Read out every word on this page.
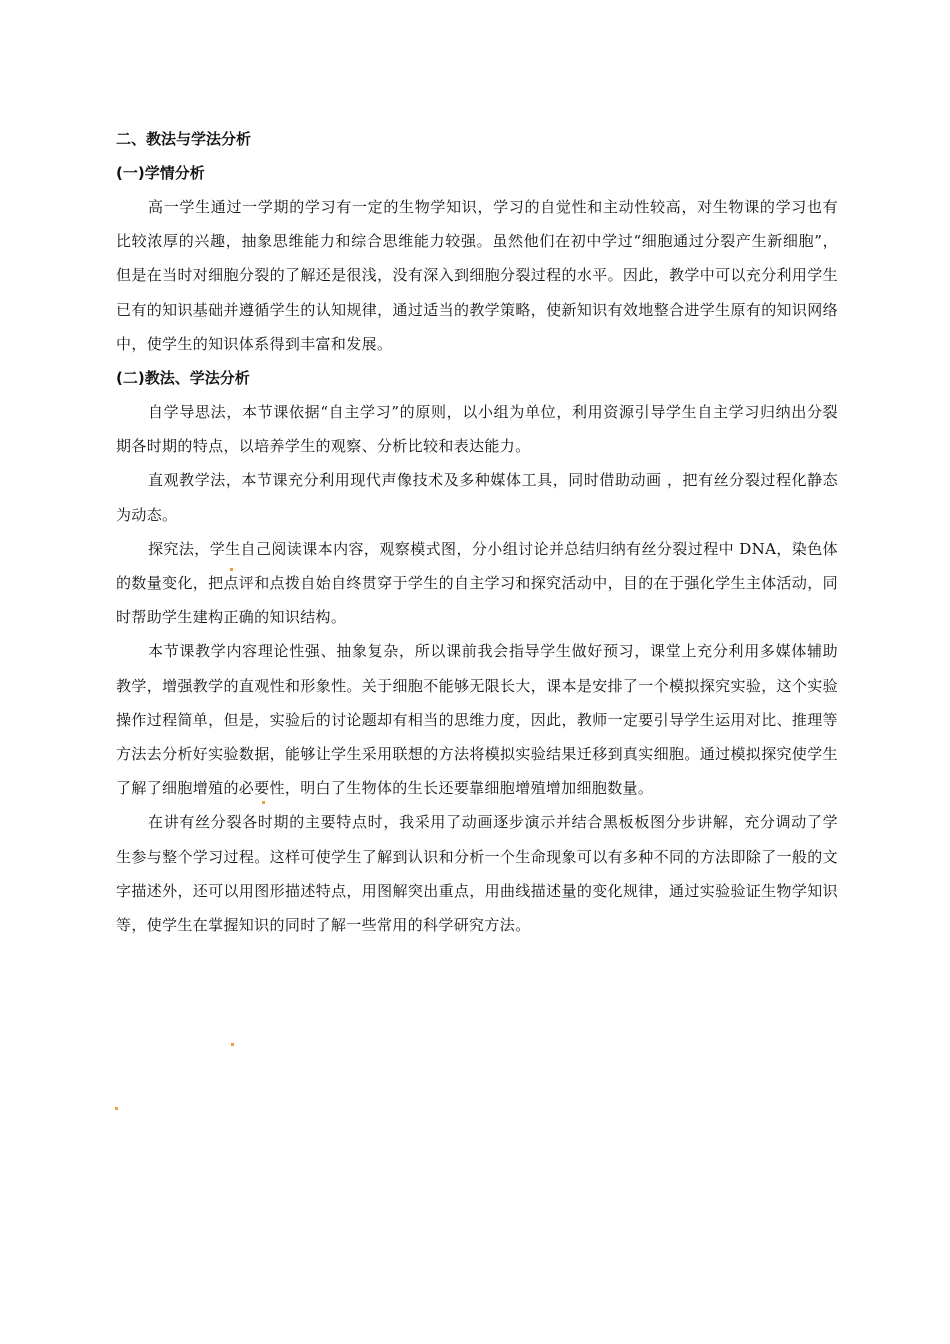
二、教法与学法分析
(一)学情分析

高一学生通过一学期的学习有一定的生物学知识，学习的自觉性和主动性较高，对生物课的学习也有比较浓厚的兴趣，抽象思维能力和综合思维能力较强。虽然他们在初中学过“细胞通过分裂产生新细胞”，但是在当时对细胞分裂的了解还是很浅，没有深入到细胞分裂过程的水平。因此，教学中可以充分利用学生已有的知识基础并遵循学生的认知规律，通过适当的教学策略，使新知识有效地整合进学生原有的知识网络中，使学生的知识体系得到丰富和发展。

(二)教法、学法分析

自学导思法，本节课依据“自主学习”的原则，以小组为单位，利用资源引导学生自主学习归纳出分裂期各时期的特点，以培养学生的观察、分析比较和表达能力。

直观教学法，本节课充分利用现代声像技术及多种媒体工具，同时借助动画 ，把有丝分裂过程化静态为动态。

探究法，学生自己阅读课本内容，观察模式图，分小组讨论并总结归纳有丝分裂过程中 DNA，染色体的数量变化，把点评和点拨自始自终贯穿于学生的自主学习和探究活动中，目的在于强化学生主体活动，同时帮助学生建构正确的知识结构。

本节课教学内容理论性强、抽象复杂，所以课前我会指导学生做好预习，课堂上充分利用多媒体辅助教学，增强教学的直观性和形象性。关于细胞不能够无限长大，课本是安排了一个模拟探究实验，这个实验操作过程简单，但是，实验后的讨论题却有相当的思维力度，因此，教师一定要引导学生运用对比、推理等方法去分析好实验数据，能够让学生采用联想的方法将模拟实验结果迁移到真实细胞。通过模拟探究使学生了解了细胞增殖的必要性，明白了生物体的生长还要靠细胞增殖增加细胞数量。

在讲有丝分裂各时期的主要特点时，我采用了动画逐步演示并结合黑板板图分步讲解，充分调动了学生参与整个学习过程。这样可使学生了解到认识和分析一个生命现象可以有多种不同的方法即除了一般的文字描述外，还可以用图形描述特点，用图解突出重点，用曲线描述量的变化规律，通过实验验证生物学知识等，使学生在掌握知识的同时了解一些常用的科学研究方法。
